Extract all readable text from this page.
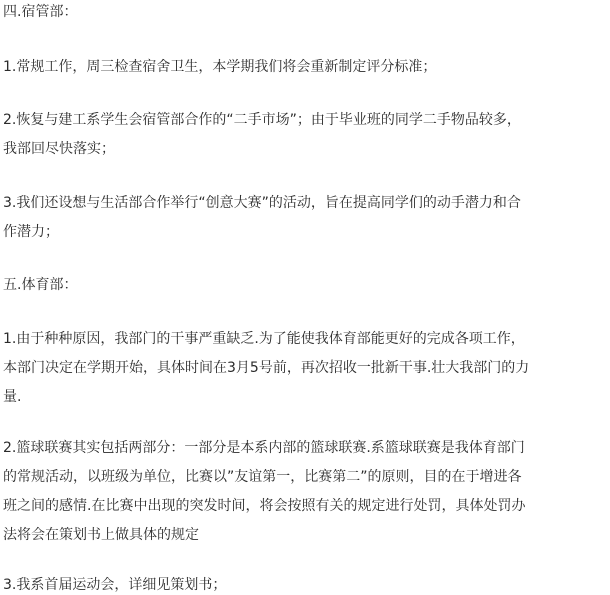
四.宿管部：
1.常规工作，周三检查宿舍卫生，本学期我们将会重新制定评分标准；
2.恢复与建工系学生会宿管部合作的“二手市场”；由于毕业班的同学二手物品较多，
我部回尽快落实；
3.我们还设想与生活部合作举行“创意大赛”的活动，旨在提高同学们的动手潜力和合
作潜力；
五.体育部：
1.由于种种原因，我部门的干事严重缺乏.为了能使我体育部能更好的完成各项工作，
本部门决定在学期开始，具体时间在3月5号前，再次招收一批新干事.壮大我部门的力
量.
2.篮球联赛其实包括两部分：一部分是本系内部的篮球联赛.系篮球联赛是我体育部门
的常规活动，以班级为单位，比赛以”友谊第一，比赛第二”的原则，目的在于增进各
班之间的感情.在比赛中出现的突发时间，将会按照有关的规定进行处罚，具体处罚办
法将会在策划书上做具体的规定
3.我系首届运动会，详细见策划书；
